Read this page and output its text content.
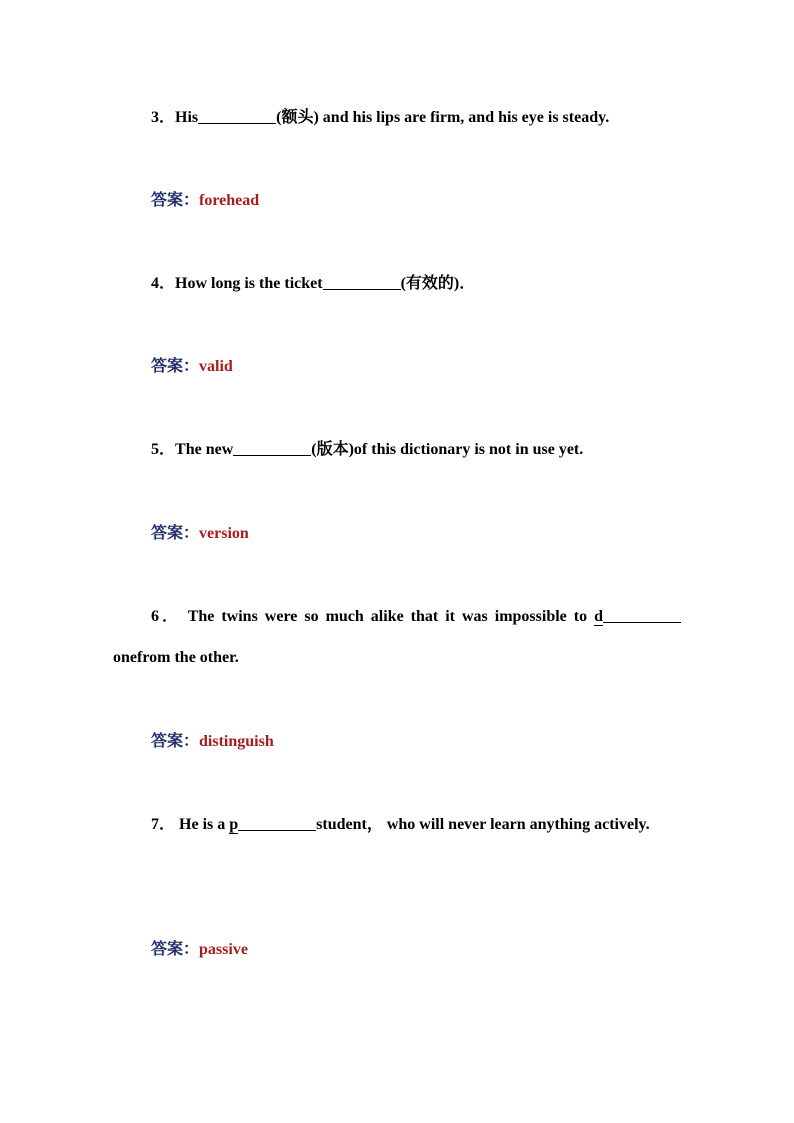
3．His	(额头) and his lips are firm, and his eye is steady.

答案：forehead

4．How long is the ticket	(有效的)．

答案：valid

5．The new	(版本)of this dictionary is not in use yet.

答案：version

6． The twins were so much alike that it was impossible to donefrom the other.

答案：distinguish

7． He is a p	student， who will never learn anything actively.

答案：passive
